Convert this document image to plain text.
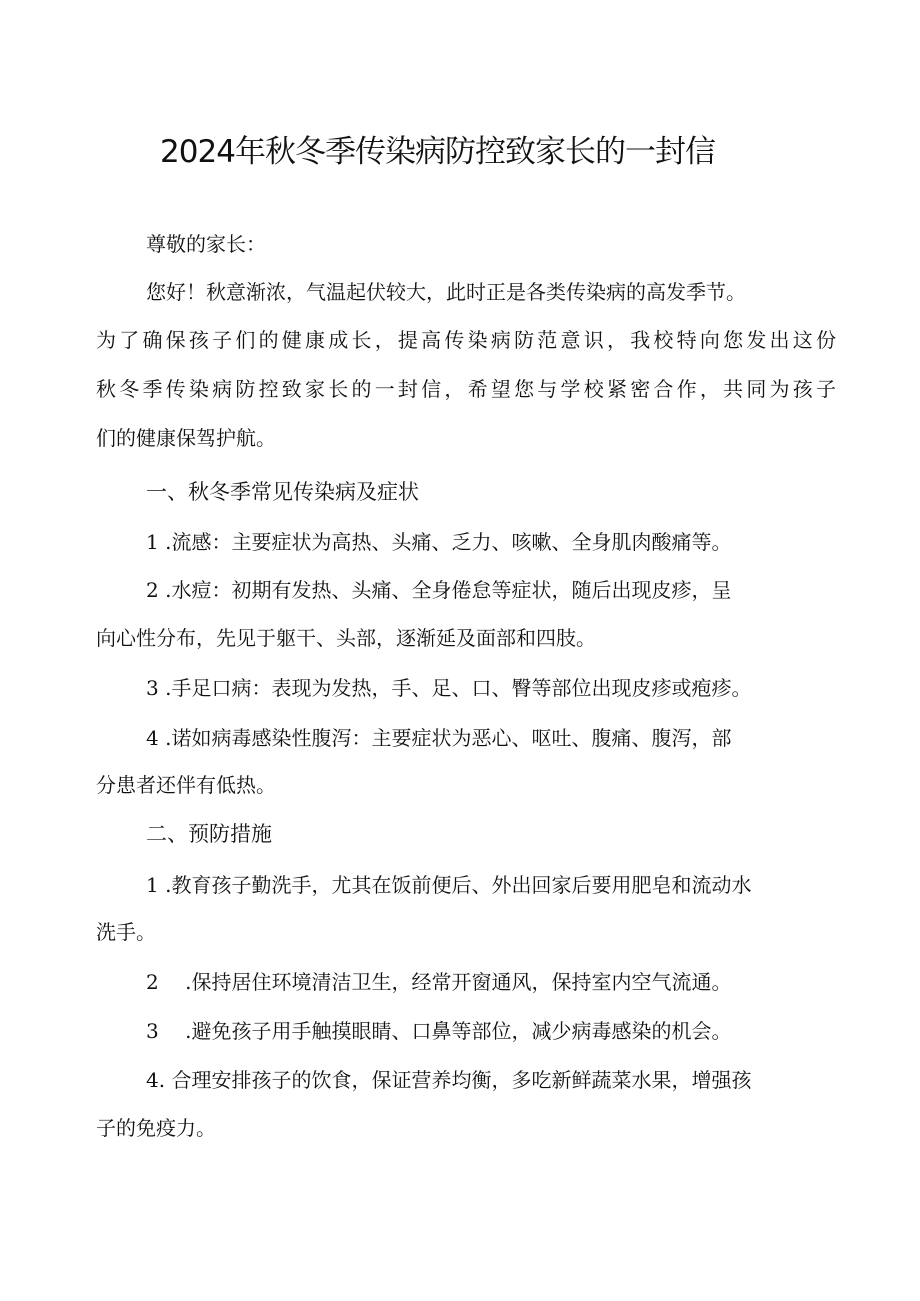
2024年秋冬季传染病防控致家长的一封信
尊敬的家长：
您好！秋意渐浓，气温起伏较大，此时正是各类传染病的高发季节。
为了确保孩子们的健康成长，提高传染病防范意识，我校特向您发出这份
秋冬季传染病防控致家长的一封信，希望您与学校紧密合作，共同为孩子
们的健康保驾护航。
一、秋冬季常见传染病及症状
1 .流感：主要症状为高热、头痛、乏力、咳嗽、全身肌肉酸痛等。
2 .水痘：初期有发热、头痛、全身倦怠等症状，随后出现皮疹，呈
向心性分布，先见于躯干、头部，逐渐延及面部和四肢。
3 .手足口病：表现为发热，手、足、口、臀等部位出现皮疹或疱疹。
4 .诺如病毒感染性腹泻：主要症状为恶心、呕吐、腹痛、腹泻，部
分患者还伴有低热。
二、预防措施
1 .教育孩子勤洗手，尤其在饭前便后、外出回家后要用肥皂和流动水
洗手。
2　 .保持居住环境清洁卫生，经常开窗通风，保持室内空气流通。
3　 .避免孩子用手触摸眼睛、口鼻等部位，减少病毒感染的机会。
4. 合理安排孩子的饮食，保证营养均衡，多吃新鲜蔬菜水果，增强孩
子的免疫力。
